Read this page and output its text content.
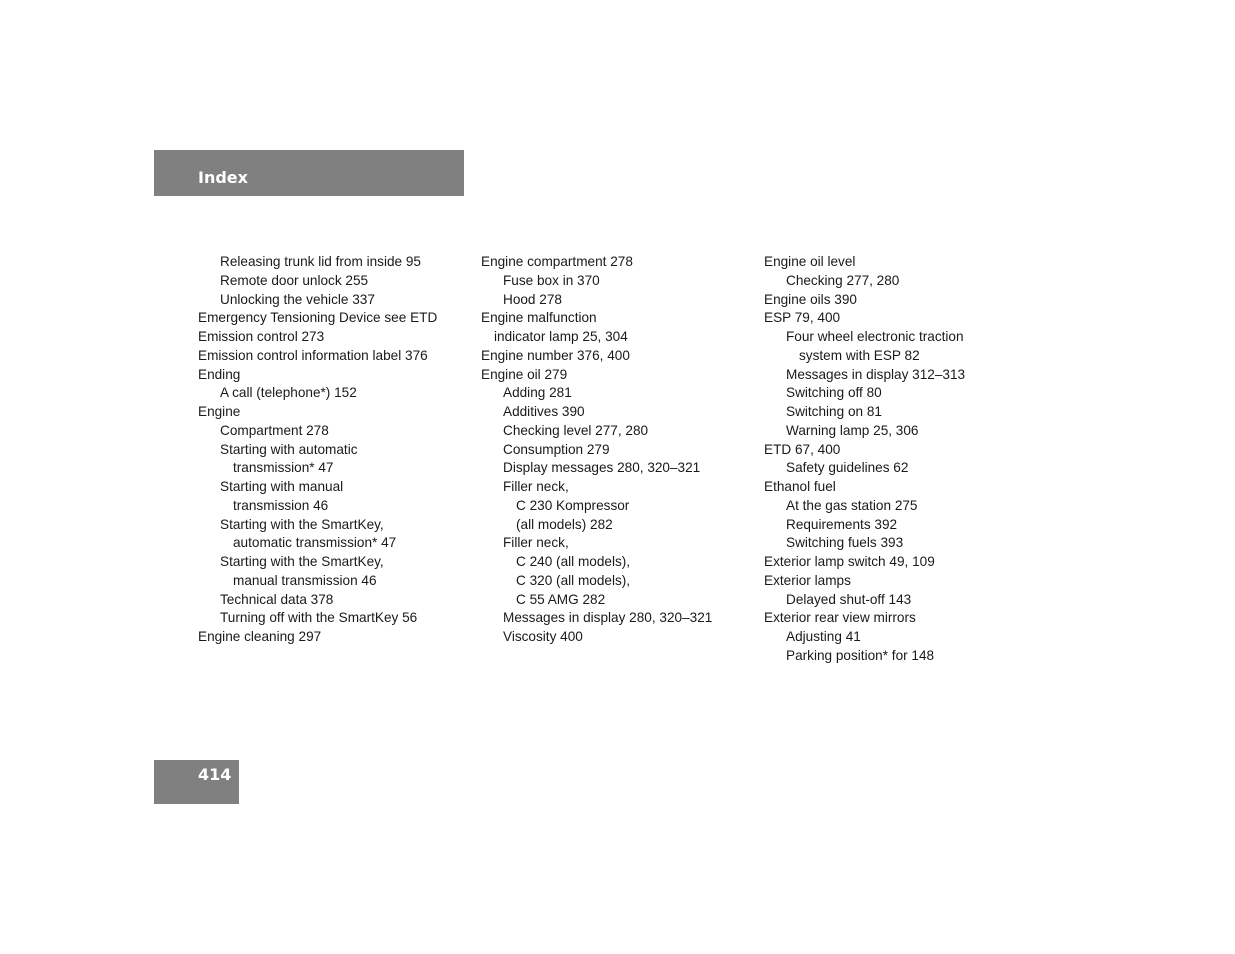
Index
Releasing trunk lid from inside 95
Remote door unlock 255
Unlocking the vehicle 337
Emergency Tensioning Device see ETD
Emission control 273
Emission control information label 376
Ending
A call (telephone*) 152
Engine
Compartment 278
Starting with automatic
transmission* 47
Starting with manual
transmission 46
Starting with the SmartKey,
automatic transmission* 47
Starting with the SmartKey,
manual transmission 46
Technical data 378
Turning off with the SmartKey 56
Engine cleaning 297
Engine compartment 278
Fuse box in 370
Hood 278
Engine malfunction
indicator lamp 25, 304
Engine number 376, 400
Engine oil 279
Adding 281
Additives 390
Checking level 277, 280
Consumption 279
Display messages 280, 320–321
Filler neck,
C 230 Kompressor
(all models) 282
Filler neck,
C 240 (all models),
C 320 (all models),
C 55 AMG 282
Messages in display 280, 320–321
Viscosity 400
Engine oil level
Checking 277, 280
Engine oils 390
ESP 79, 400
Four wheel electronic traction
system with ESP 82
Messages in display 312–313
Switching off 80
Switching on 81
Warning lamp 25, 306
ETD 67, 400
Safety guidelines 62
Ethanol fuel
At the gas station 275
Requirements 392
Switching fuels 393
Exterior lamp switch 49, 109
Exterior lamps
Delayed shut-off 143
Exterior rear view mirrors
Adjusting 41
Parking position* for 148
414
